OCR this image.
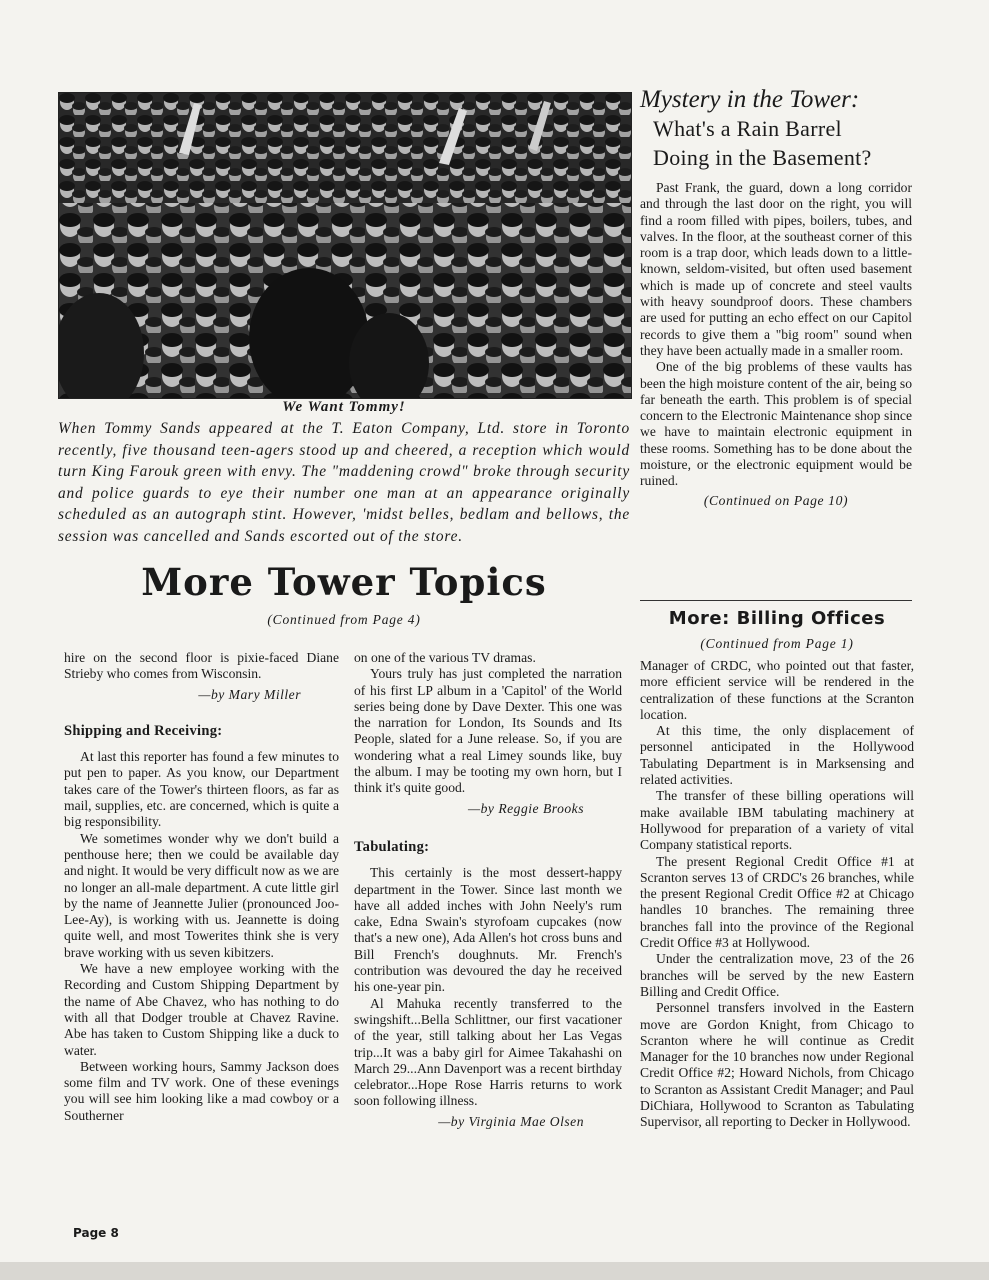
We Want Tommy!

When Tommy Sands appeared at the T. Eaton Company, Ltd. store in Toronto recently, five thousand teen-agers stood up and cheered, a reception which would turn King Farouk green with envy. The "maddening crowd" broke through security and police guards to eye their number one man at an appearance originally scheduled as an autograph stint. However, 'midst belles, bedlam and bellows, the session was cancelled and Sands escorted out of the store.

More Tower Topics
(Continued from Page 4)

hire on the second floor is pixie-faced Diane Strieby who comes from Wisconsin.

—by Mary Miller

Shipping and Receiving:

At last this reporter has found a few minutes to put pen to paper. As you know, our Department takes care of the Tower's thirteen floors, as far as mail, supplies, etc. are concerned, which is quite a big responsibility.

We sometimes wonder why we don't build a penthouse here; then we could be available day and night. It would be very difficult now as we are no longer an all-male department. A cute little girl by the name of Jeannette Julier (pronounced Joo-Lee-Ay), is working with us. Jeannette is doing quite well, and most Towerites think she is very brave working with us seven kibitzers.

We have a new employee working with the Recording and Custom Shipping Department by the name of Abe Chavez, who has nothing to do with all that Dodger trouble at Chavez Ravine. Abe has taken to Custom Shipping like a duck to water.

Between working hours, Sammy Jackson does some film and TV work. One of these evenings you will see him looking like a mad cowboy or a Southerner

on one of the various TV dramas.

Yours truly has just completed the narration of his first LP album in a 'Capitol' of the World series being done by Dave Dexter. This one was the narration for London, Its Sounds and Its People, slated for a June release. So, if you are wondering what a real Limey sounds like, buy the album. I may be tooting my own horn, but I think it's quite good.

—by Reggie Brooks

Tabulating:

This certainly is the most dessert-happy department in the Tower. Since last month we have all added inches with John Neely's rum cake, Edna Swain's styrofoam cupcakes (now that's a new one), Ada Allen's hot cross buns and Bill French's doughnuts. Mr. French's contribution was devoured the day he received his one-year pin.

Al Mahuka recently transferred to the swingshift...Bella Schlittner, our first vacationer of the year, still talking about her Las Vegas trip...It was a baby girl for Aimee Takahashi on March 29...Ann Davenport was a recent birthday celebrator...Hope Rose Harris returns to work soon following illness.

—by Virginia Mae Olsen

Mystery in the Tower:
What's a Rain Barrel
Doing in the Basement?

Past Frank, the guard, down a long corridor and through the last door on the right, you will find a room filled with pipes, boilers, tubes, and valves. In the floor, at the southeast corner of this room is a trap door, which leads down to a little-known, seldom-visited, but often used basement which is made up of concrete and steel vaults with heavy soundproof doors. These chambers are used for putting an echo effect on our Capitol records to give them a "big room" sound when they have been actually made in a smaller room.

One of the big problems of these vaults has been the high moisture content of the air, being so far beneath the earth. This problem is of special concern to the Electronic Maintenance shop since we have to maintain electronic equipment in these rooms. Something has to be done about the moisture, or the electronic equipment would be ruined.

(Continued on Page 10)

More: Billing Offices
(Continued from Page 1)

Manager of CRDC, who pointed out that faster, more efficient service will be rendered in the centralization of these functions at the Scranton location.

At this time, the only displacement of personnel anticipated in the Hollywood Tabulating Department is in Marksensing and related activities.

The transfer of these billing operations will make available IBM tabulating machinery at Hollywood for preparation of a variety of vital Company statistical reports.

The present Regional Credit Office #1 at Scranton serves 13 of CRDC's 26 branches, while the present Regional Credit Office #2 at Chicago handles 10 branches. The remaining three branches fall into the province of the Regional Credit Office #3 at Hollywood.

Under the centralization move, 23 of the 26 branches will be served by the new Eastern Billing and Credit Office.

Personnel transfers involved in the Eastern move are Gordon Knight, from Chicago to Scranton where he will continue as Credit Manager for the 10 branches now under Regional Credit Office #2; Howard Nichols, from Chicago to Scranton as Assistant Credit Manager; and Paul DiChiara, Hollywood to Scranton as Tabulating Supervisor, all reporting to Decker in Hollywood.

Page 8
